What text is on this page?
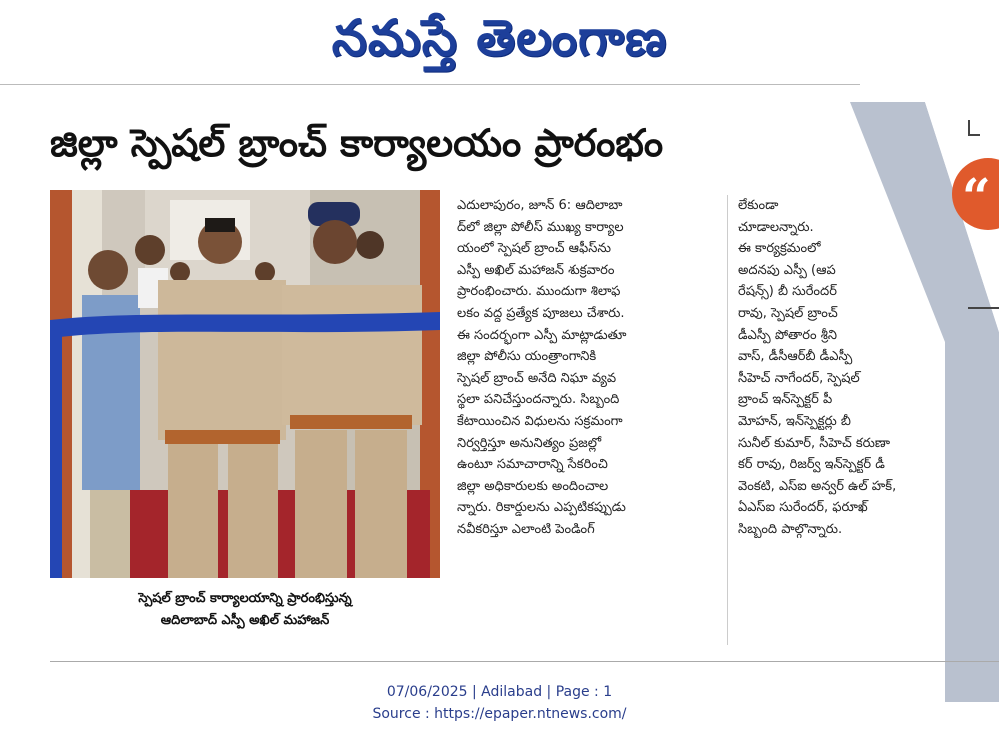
నమస్తే తెలంగాణ
జిల్లా స్పెషల్ బ్రాంచ్ కార్యాలయం ప్రారంభం
స్పెషల్ బ్రాంచ్ కార్యాలయాన్ని ప్రారంభిస్తున్న
ఆదిలాబాద్ ఎస్పీ అఖిల్ మహాజన్
ఎదులాపురం, జూన్ 6: ఆదిలాబా
ద్‌లో జిల్లా పోలీస్ ముఖ్య కార్యాల
యంలో స్పెషల్ బ్రాంచ్ ఆఫీస్‌ను
ఎస్పీ అఖిల్ మహాజన్ శుక్రవారం
ప్రారంభించారు. ముందుగా శిలాఫ
లకం వద్ద ప్రత్యేక పూజలు చేశారు.
ఈ సందర్భంగా ఎస్పీ మాట్లాడుతూ
జిల్లా పోలీసు యంత్రాంగానికి
స్పెషల్ బ్రాంచ్ అనేది నిఘా వ్యవ
స్థలా పనిచేస్తుందన్నారు. సిబ్బంది
కేటాయించిన విధులను సక్రమంగా
నిర్వర్తిస్తూ అనునిత్యం ప్రజల్లో
ఉంటూ సమాచారాన్ని సేకరించి
జిల్లా అధికారులకు అందించాల
న్నారు. రికార్డులను ఎప్పటికప్పుడు
నవీకరిస్తూ ఎలాంటి పెండింగ్
లేకుండా
చూడాలన్నారు.
ఈ కార్యక్రమంలో
అదనపు ఎస్పీ (ఆప
రేషన్స్) బీ సురేందర్
రావు, స్పెషల్ బ్రాంచ్
డీఎస్పీ పోతారం శ్రీని
వాస్, డీసీఆర్‌బీ డీఎస్పీ
సీహెచ్ నాగేందర్, స్పెషల్
బ్రాంచ్ ఇన్‌స్పెక్టర్ పీ
మోహన్, ఇన్‌స్పెక్టర్లు బీ
సునీల్ కుమార్, సీహెచ్ కరుణా
కర్ రావు, రిజర్వ్ ఇన్‌స్పెక్టర్ డీ
వెంకటి, ఎస్ఐ అన్వర్ ఉల్ హక్,
ఏఎస్ఐ సురేందర్, ఫరూఖ్
సిబ్బంది పాల్గొన్నారు.
“
07/06/2025 | Adilabad | Page : 1
Source : https://epaper.ntnews.com/
